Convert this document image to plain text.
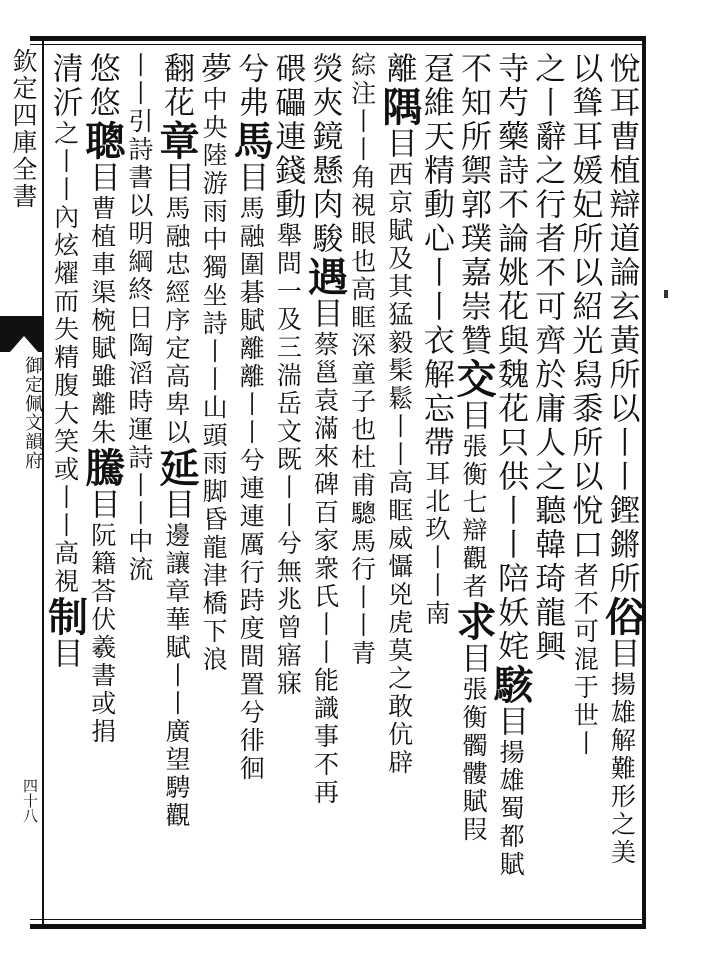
欽定四庫全書
御定佩文韻府
四十八
悅耳曹植辯道論玄黃所以丨丨鏗鏘所俗目揚雄解難形之美
以聳耳媛妃所以紹光舄黍所以悅口者不可混于世丨
之丨辭之行者不可齊於庸人之聽韓琦龍興
寺芍藥詩不論姚花與魏花只供丨丨陪妖姹駭目揚雄蜀都賦
不知所禦郭璞嘉崇贊交目張衡七辯觀者求目張衡髑髏賦叚
趸維天精動心丨丨衣解忘帶耳北玖丨丨南
離隅目西京賦及其猛毅髤鬆丨丨高眶威懾兇虎莫之敢伉辟
綜注丨丨角視眼也高眶深童子也杜甫驄馬行丨丨青
熒夾鏡懸肉駿遇目蔡邕袁滿來碑百家衆氏丨丨能識事不再
碨礧連錢動舉問一及三湍岳文既丨丨兮無兆曾寤寐
兮弗馬目馬融圍碁賦離離丨丨兮連連厲行跱度間置兮徘徊
夢中央陸游雨中獨坐詩丨丨山頭雨脚昏龍津橋下浪
翻花章目馬融忠經序定高卑以延目邊讓章華賦丨丨廣望騁觀
丨丨引詩書以明綱終日陶滔時運詩丨丨中流
悠悠聰目曹植車渠椀賦雖離朱騰目阮籍荅伏羲書或捐
清沂之丨丨內炫燿而失精腹大笑或丨丨高視制目
